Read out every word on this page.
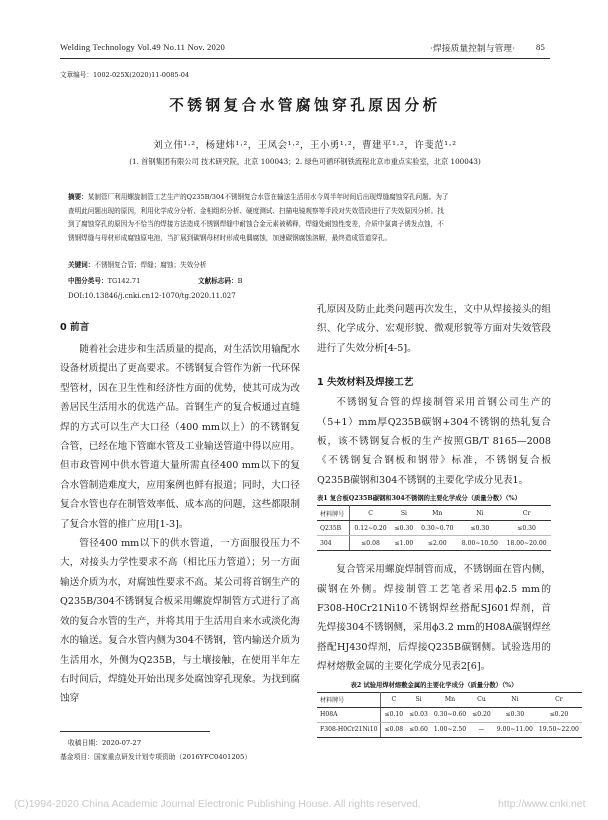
Welding Technology Vol.49 No.11 Nov. 2020	·焊接质量控制与管理· 85
文章编号：1002-025X(2020)11-0085-04
不锈钢复合水管腐蚀穿孔原因分析
刘立伟¹·²，杨建炜¹·²，王凤会¹·²，王小勇¹·²，曹建平¹·²，许斐范¹·²
(1. 首钢集团有限公司 技术研究院，北京 100043；2. 绿色可循环钢铁流程北京市重点实验室，北京 100043)
摘要：某制管厂利用螺旋制管工艺生产的Q235B/304不锈钢复合水管在输送生活用水今周半年时间后出现焊缝腐蚀穿孔问题。为了
查明此问题出现的原因，利用化学成分分析、金相组织分析、硬度测试、扫描电镜观察等手段对失效管段进行了失效原因分析。找
到了腐蚀穿孔的原因为不恰当的焊接方法造成不锈钢焊缝中耐蚀合金元素被稀释，焊缝处耐蚀性变差，介质中氯离子诱发点蚀，不
锈钢焊缝与母材形成腐蚀原电池，当扩展到碳钢母材时形成电偶腐蚀，加速碳钢腐蚀溶解，最终造成管道穿孔。
关键词：不锈钢复合管；焊缝；腐蚀；失效分析
中图分类号：TG142.71	文献标志码：B
DOI:10.13846/j.cnki.cn12-1070/tg.2020.11.027
0 前言

随着社会进步和生活质量的提高，对生活饮用输配水设备材质提出了更高要求。不锈钢复合管作为新一代环保型管材，因在卫生性和经济性方面的优势，使其可成为改善居民生活用水的优选产品。首钢生产的复合板通过直缝焊的方式可以生产大口径（400 mm以上）的不锈钢复合管，已经在地下管廊水管及工业输送管道中得以应用。但市政管网中供水管道大量所需直径400 mm以下的复合水管制造难度大，应用案例也鲜有报道；同时，大口径复合水管也存在制管效率低、成本高的问题，这些都限制了复合水管的推广应用[1-3]。

管径400 mm以下的供水管道，一方面服役压力不大，对接头力学性要求不高（相比压力管道）；另一方面输送介质为水，对腐蚀性要求不高。某公司将首钢生产的Q235B/304不锈钢复合板采用螺旋焊制管方式进行了高效的复合水管的生产，并将其用于生活用自来水或淡化海水的输送。复合水管内侧为304不锈钢，管内输送介质为生活用水，外侧为Q235B，与土壤接触，在使用半年左右时间后，焊缝处开始出现多处腐蚀穿孔现象。为找到腐蚀穿

孔原因及防止此类问题再次发生，文中从焊接接头的组织、化学成分、宏观形貌、微观形貌等方面对失效管段进行了失效分析[4-5]。

1 失效材料及焊接工艺

不锈钢复合管的焊接制管采用首钢公司生产的（5+1）mm厚Q235B碳钢+304不锈钢的热轧复合板，该不锈钢复合板的生产按照GB/T 8165—2008《不锈钢复合钢板和钢带》标准，不锈钢复合板Q235B碳钢和304不锈钢的主要化学成分见表1。

表1 复合板Q235B碳钢和304不锈钢的主要化学成分（质量分数）（%）
材料牌号	C	Si	Mn	Ni	Cr
Q235B	0.12~0.20	≤0.30	0.30~0.70	≤0.30	≤0.30
304	≤0.08	≤1.00	≤2.00	8.00~10.50	18.00~20.00

复合管采用螺旋焊制管而成，不锈钢面在管内侧，碳钢在外侧。焊接制管工艺笔者采用ϕ2.5 mm的F308-H0Cr21Ni10不锈钢焊丝搭配SJ601焊剂，首先焊接304不锈钢侧，采用ϕ3.2 mm的H08A碳钢焊丝搭配HJ430焊剂，后焊接Q235B碳钢侧。试验选用的焊材熔敷金属的主要化学成分见表2[6]。

表2 试验用焊材熔敷金属的主要化学成分（质量分数）（%）
材料牌号	C	Si	Mn	Cu	Ni	Cr
H08A	≤0.10	≤0.03	0.30~0.60	≤0.20	≤0.30	≤0.20
F308-H0Cr21Ni10	≤0.08	≤0.60	1.00~2.50	—	9.00~11.00	19.50~22.00
收稿日期：2020-07-27
基金项目：国家重点研发计划专项资助（2016YFC0401205）
(C)1994-2020 China Academic Journal Electronic Publishing House. All rights reserved.	http://www.cnki.net
